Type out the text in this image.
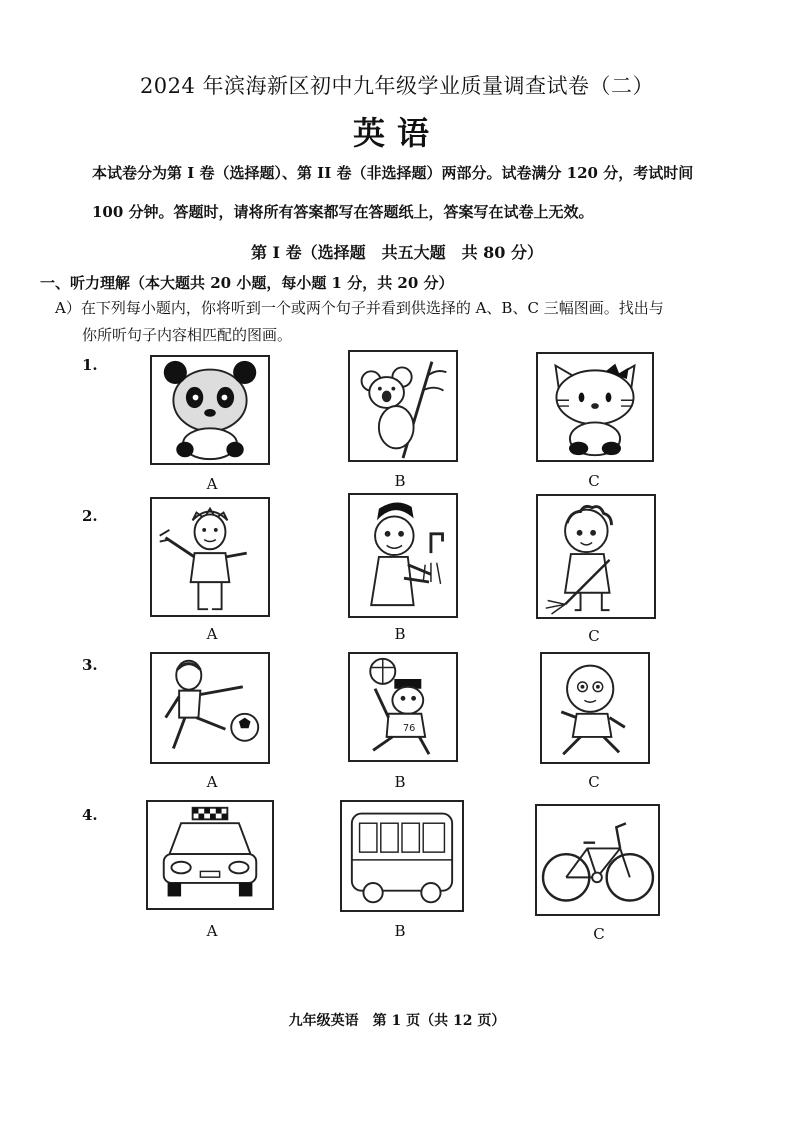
2024 年滨海新区初中九年级学业质量调查试卷（二）
英语
本试卷分为第 I 卷（选择题）、第 II 卷（非选择题）两部分。试卷满分 120 分，考试时间
100 分钟。答题时，请将所有答案都写在答题纸上，答案写在试卷上无效。
第 I 卷（选择题　共五大题　共 80 分）
一、听力理解（本大题共 20 小题，每小题 1 分，共 20 分）
A）在下列每小题内，你将听到一个或两个句子并看到供选择的 A、B、C 三幅图画。找出与
你所听句子内容相匹配的图画。
1.
A	B	C
2.
A	B	C
3.
A
76
B	C
4.
A	B	C
九年级英语　第 1 页（共 12 页）
